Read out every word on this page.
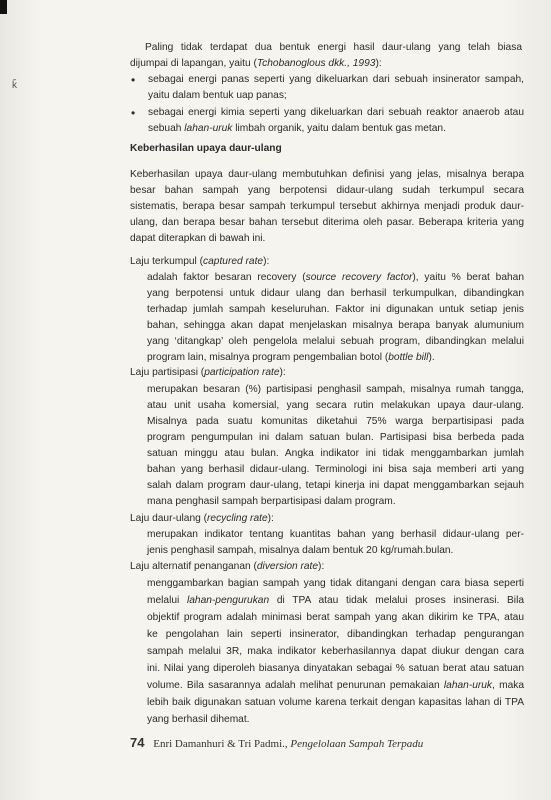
ǩ
Paling tidak terdapat dua bentuk energi hasil daur-ulang yang telah biasa
dijumpai di lapangan, yaitu (Tchobanoglous dkk., 1993):
• sebagai energi panas seperti yang dikeluarkan dari sebuah insinerator sampah,
yaitu dalam bentuk uap panas;
• sebagai energi kimia seperti yang dikeluarkan dari sebuah reaktor anaerob atau
sebuah lahan-uruk limbah organik, yaitu dalam bentuk gas metan.
Keberhasilan upaya daur-ulang
Keberhasilan upaya daur-ulang membutuhkan definisi yang jelas, misalnya berapa
besar bahan sampah yang berpotensi didaur-ulang sudah terkumpul secara
sistematis, berapa besar sampah terkumpul tersebut akhirnya menjadi produk daur-
ulang, dan berapa besar bahan tersebut diterima oleh pasar. Beberapa kriteria yang
dapat diterapkan di bawah ini.
Laju terkumpul (captured rate):
adalah faktor besaran recovery (source recovery factor), yaitu % berat bahan
yang berpotensi untuk didaur ulang dan berhasil terkumpulkan, dibandingkan
terhadap jumlah sampah keseluruhan. Faktor ini digunakan untuk setiap jenis
bahan, sehingga akan dapat menjelaskan misalnya berapa banyak alumunium
yang ‘ditangkap’ oleh pengelola melalui sebuah program, dibandingkan melalui
program lain, misalnya program pengembalian botol (bottle bill).
Laju partisipasi (participation rate):
merupakan besaran (%) partisipasi penghasil sampah, misalnya rumah tangga,
atau unit usaha komersial, yang secara rutin melakukan upaya daur-ulang.
Misalnya pada suatu komunitas diketahui 75% warga berpartisipasi pada
program pengumpulan ini dalam satuan bulan. Partisipasi bisa berbeda pada
satuan minggu atau bulan. Angka indikator ini tidak menggambarkan jumlah
bahan yang berhasil didaur-ulang. Terminologi ini bisa saja memberi arti yang
salah dalam program daur-ulang, tetapi kinerja ini dapat menggambarkan sejauh
mana penghasil sampah berpartisipasi dalam program.
Laju daur-ulang (recycling rate):
merupakan indikator tentang kuantitas bahan yang berhasil didaur-ulang per-
jenis penghasil sampah, misalnya dalam bentuk 20 kg/rumah.bulan.
Laju alternatif penanganan (diversion rate):
menggambarkan bagian sampah yang tidak ditangani dengan cara biasa seperti
melalui lahan-pengurukan di TPA atau tidak melalui proses insinerasi. Bila
objektif program adalah minimasi berat sampah yang akan dikirim ke TPA, atau
ke pengolahan lain seperti insinerator, dibandingkan terhadap pengurangan
sampah melalui 3R, maka indikator keberhasilannya dapat diukur dengan cara
ini. Nilai yang diperoleh biasanya dinyatakan sebagai % satuan berat atau satuan
volume. Bila sasarannya adalah melihat penurunan pemakaian lahan-uruk, maka
lebih baik digunakan satuan volume karena terkait dengan kapasitas lahan di TPA
yang berhasil dihemat.
74 Enri Damanhuri & Tri Padmi., Pengelolaan Sampah Terpadu
